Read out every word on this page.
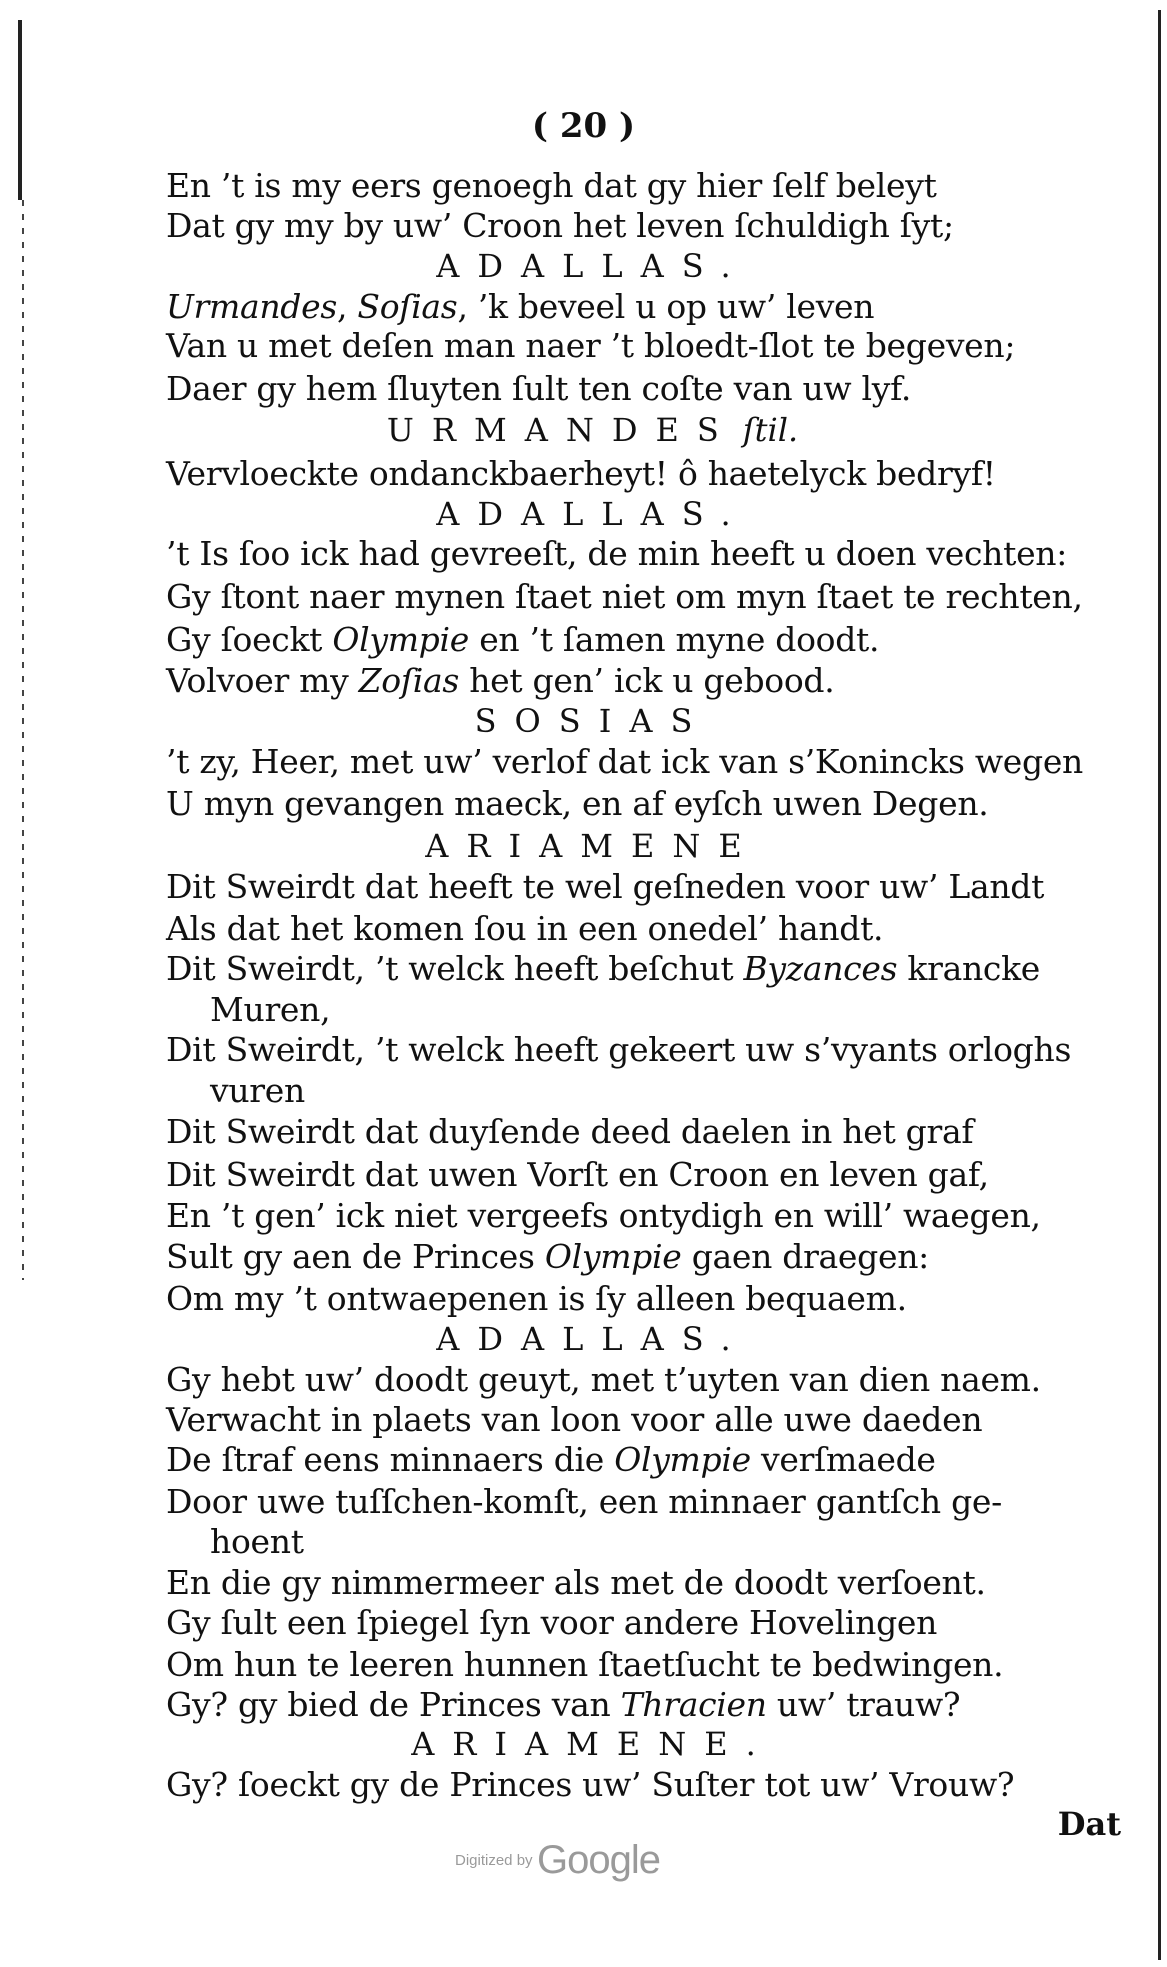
( 20 )
En ’t is my eers genoegh dat gy hier ſelf beleyt
Dat gy my by uw’ Croon het leven ſchuldigh ſyt;
ADALLAS.
Urmandes, Soſias, ’k beveel u op uw’ leven
Van u met deſen man naer ’t bloedt-ſlot te begeven;
Daer gy hem ſluyten ſult ten coſte van uw lyf.
URMANDES ſtil.
Vervloeckte ondanckbaerheyt! ô haetelyck bedryf!
ADALLAS.
’t Is ſoo ick had gevreeſt, de min heeft u doen vechten:
Gy ſtont naer mynen ſtaet niet om myn ſtaet te rechten,
Gy ſoeckt Olympie en ’t ſamen myne doodt.
Volvoer my Zoſias het gen’ ick u gebood.
SOSIAS
’t zy, Heer, met uw’ verlof dat ick van s’Konincks wegen
U myn gevangen maeck, en af eyſch uwen Degen.
ARIAMENE
Dit Sweirdt dat heeft te wel geſneden voor uw’ Landt
Als dat het komen ſou in een onedel’ handt.
Dit Sweirdt, ’t welck heeft beſchut Byzances krancke
Muren,
Dit Sweirdt, ’t welck heeft gekeert uw s’vyants orloghs
vuren
Dit Sweirdt dat duyſende deed daelen in het graf
Dit Sweirdt dat uwen Vorſt en Croon en leven gaf,
En ’t gen’ ick niet vergeefs ontydigh en will’ waegen,
Sult gy aen de Princes Olympie gaen draegen:
Om my ’t ontwaepenen is ſy alleen bequaem.
ADALLAS.
Gy hebt uw’ doodt geuyt, met t’uyten van dien naem.
Verwacht in plaets van loon voor alle uwe daeden
De ſtraf eens minnaers die Olympie verſmaede
Door uwe tuſſchen-komſt, een minnaer gantſch ge-
hoent
En die gy nimmermeer als met de doodt verſoent.
Gy ſult een ſpiegel ſyn voor andere Hovelingen
Om hun te leeren hunnen ſtaetſucht te bedwingen.
Gy? gy bied de Princes van Thracien uw’ trauw?
ARIAMENE.
Gy? ſoeckt gy de Princes uw’ Suſter tot uw’ Vrouw?
Dat
Digitized by Google
